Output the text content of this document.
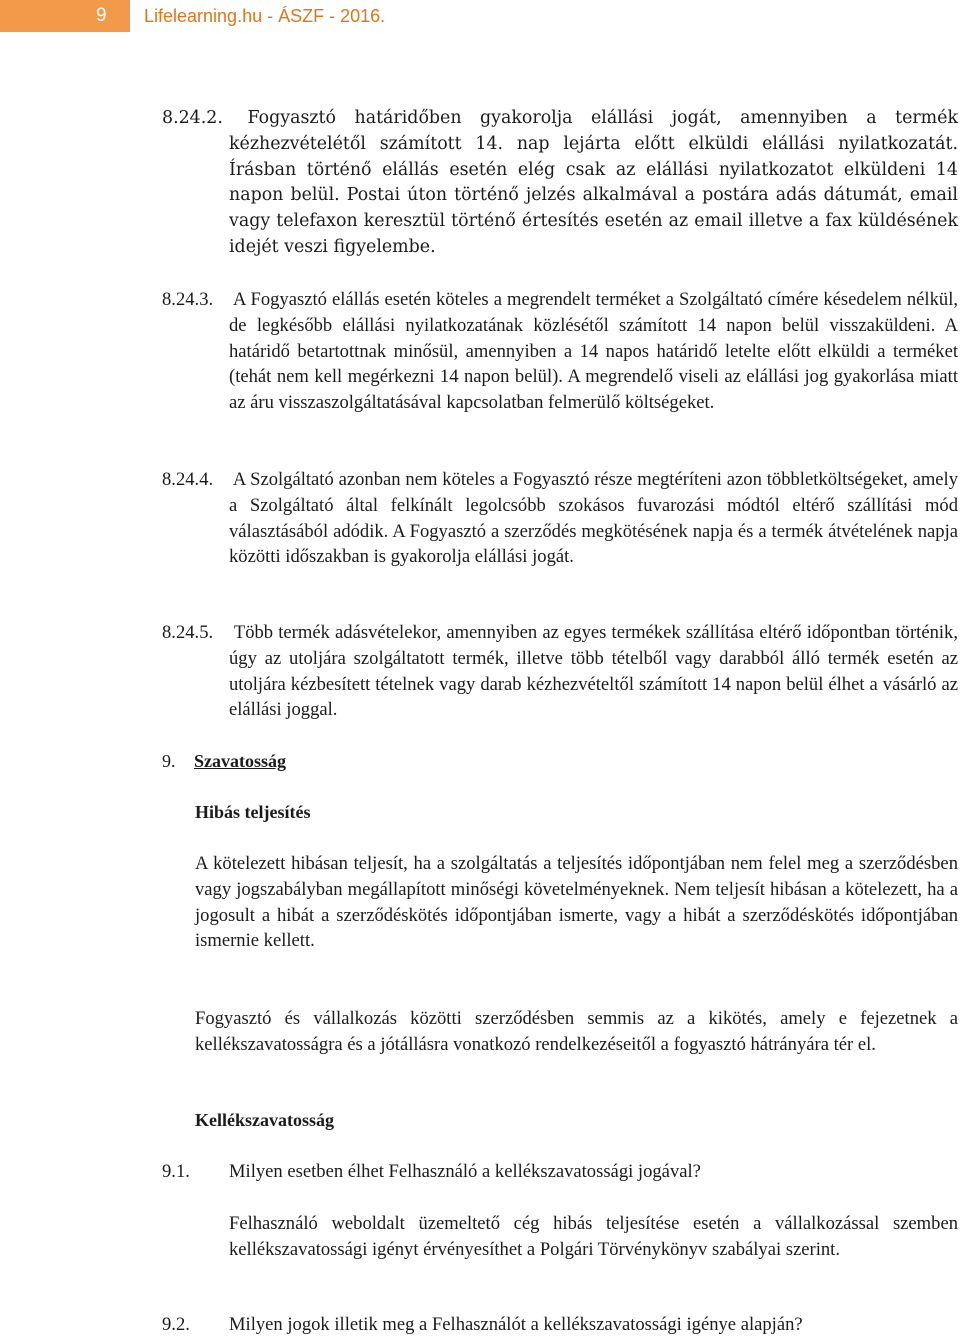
9	Lifelearning.hu - ÁSZF - 2016.

8.24.2. Fogyasztó határidőben gyakorolja elállási jogát, amennyiben a termék kézhezvételétől számított 14. nap lejárta előtt elküldi elállási nyilatkozatát. Írásban történő elállás esetén elég csak az elállási nyilatkozatot elküldeni 14 napon belül. Postai úton történő jelzés alkalmával a postára adás dátumát, email vagy telefaxon keresztül történő értesítés esetén az email illetve a fax küldésének idejét veszi figyelembe.

8.24.3. A Fogyasztó elállás esetén köteles a megrendelt terméket a Szolgáltató címére késedelem nélkül, de legkésőbb elállási nyilatkozatának közlésétől számított 14 napon belül visszaküldeni. A határidő betartottnak minősül, amennyiben a 14 napos határidő letelte előtt elküldi a terméket (tehát nem kell megérkezni 14 napon belül). A megrendelő viseli az elállási jog gyakorlása miatt az áru visszaszolgáltatásával kapcsolatban felmerülő költségeket.

8.24.4. A Szolgáltató azonban nem köteles a Fogyasztó része megtéríteni azon többletköltségeket, amely a Szolgáltató által felkínált legolcsóbb szokásos fuvarozási módtól eltérő szállítási mód választásából adódik. A Fogyasztó a szerződés megkötésének napja és a termék átvételének napja közötti időszakban is gyakorolja elállási jogát.

8.24.5. Több termék adásvételekor, amennyiben az egyes termékek szállítása eltérő időpontban történik, úgy az utoljára szolgáltatott termék, illetve több tételből vagy darabból álló termék esetén az utoljára kézbesített tételnek vagy darab kézhezvételtől számított 14 napon belül élhet a vásárló az elállási joggal.

9. Szavatosság
Hibás teljesítés

A kötelezett hibásan teljesít, ha a szolgáltatás a teljesítés időpontjában nem felel meg a szerződésben vagy jogszabályban megállapított minőségi követelményeknek. Nem teljesít hibásan a kötelezett, ha a jogosult a hibát a szerződéskötés időpontjában ismerte, vagy a hibát a szerződéskötés időpontjában ismernie kellett.

Fogyasztó és vállalkozás közötti szerződésben semmis az a kikötés, amely e fejezetnek a kellékszavatosságra és a jótállásra vonatkozó rendelkezéseitől a fogyasztó hátrányára tér el.

Kellékszavatosság
9.1. Milyen esetben élhet Felhasználó a kellékszavatossági jogával?

Felhasználó weboldalt üzemeltető cég hibás teljesítése esetén a vállalkozással szemben kellékszavatossági igényt érvényesíthet a Polgári Törvénykönyv szabályai szerint.

9.2. Milyen jogok illetik meg a Felhasználót a kellékszavatossági igénye alapján?
